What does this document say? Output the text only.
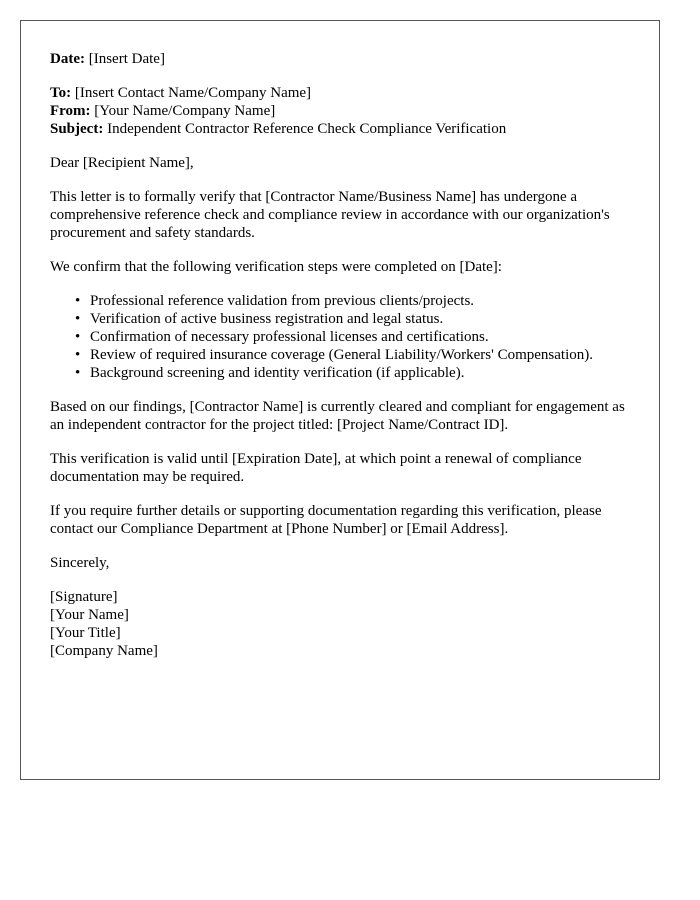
Date: [Insert Date]

To: [Insert Contact Name/Company Name]
From: [Your Name/Company Name]
Subject: Independent Contractor Reference Check Compliance Verification

Dear [Recipient Name],

This letter is to formally verify that [Contractor Name/Business Name] has undergone a comprehensive reference check and compliance review in accordance with our organization's procurement and safety standards.

We confirm that the following verification steps were completed on [Date]:

• Professional reference validation from previous clients/projects.
• Verification of active business registration and legal status.
• Confirmation of necessary professional licenses and certifications.
• Review of required insurance coverage (General Liability/Workers' Compensation).
• Background screening and identity verification (if applicable).

Based on our findings, [Contractor Name] is currently cleared and compliant for engagement as an independent contractor for the project titled: [Project Name/Contract ID].

This verification is valid until [Expiration Date], at which point a renewal of compliance documentation may be required.

If you require further details or supporting documentation regarding this verification, please contact our Compliance Department at [Phone Number] or [Email Address].

Sincerely,

[Signature]
[Your Name]
[Your Title]
[Company Name]
